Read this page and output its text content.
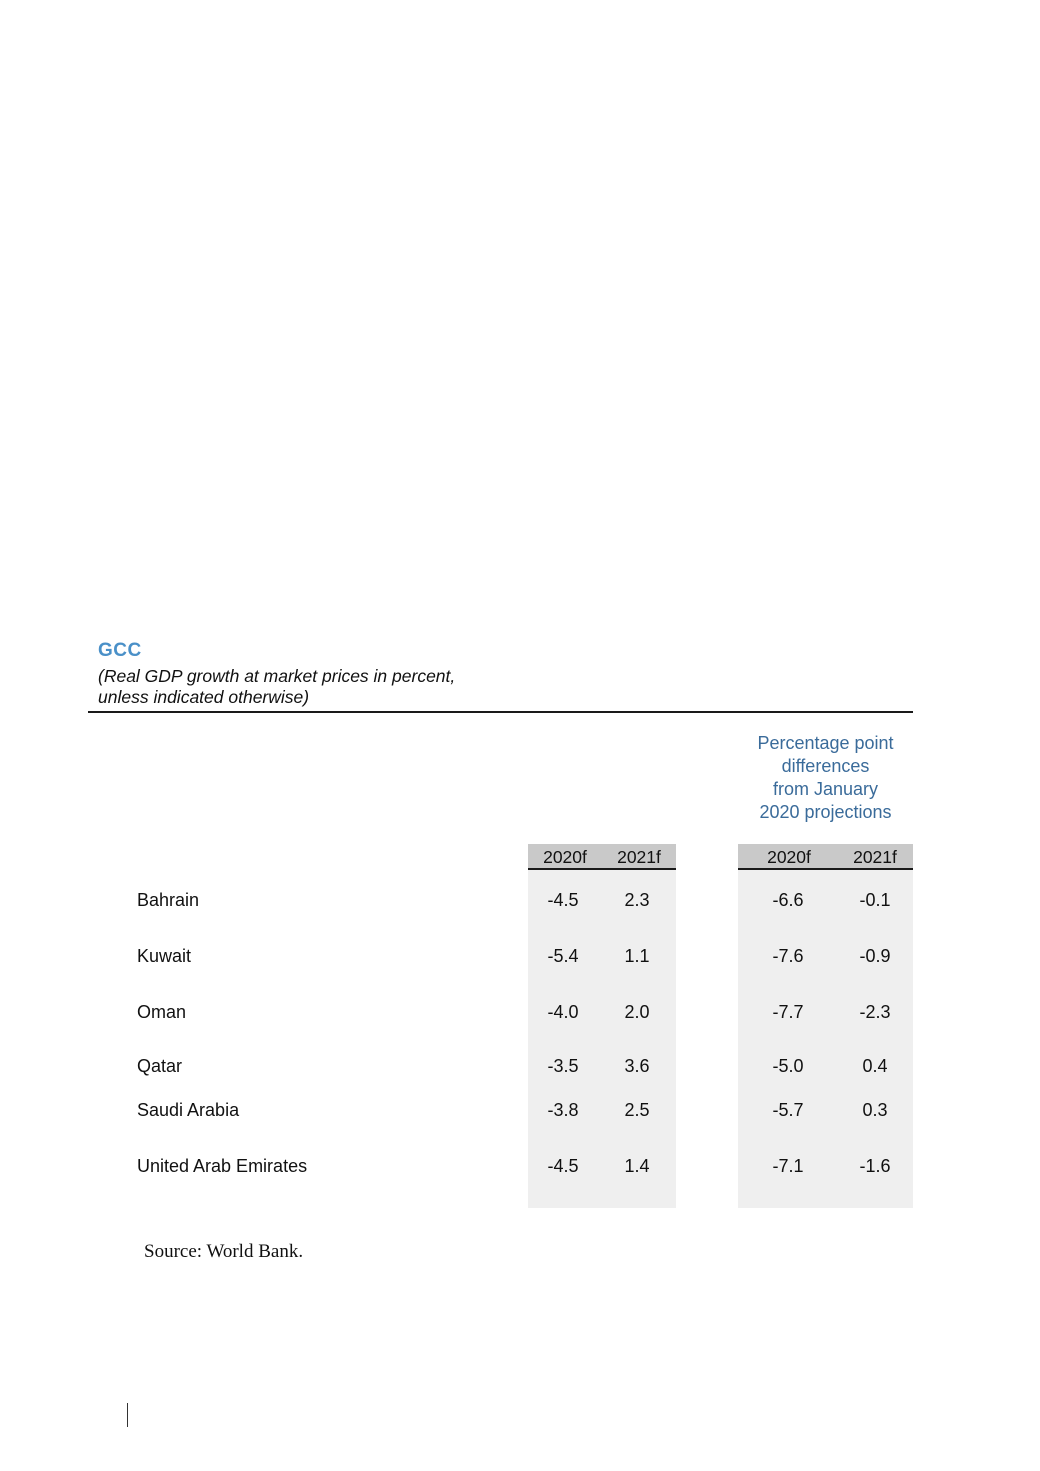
GCC
(Real GDP growth at market prices in percent,
unless indicated otherwise)
Percentage point
differences
from January
2020 projections
2020f	2021f	2020f	2021f
Bahrain	-4.5	2.3	-6.6	-0.1
Kuwait	-5.4	1.1	-7.6	-0.9
Oman	-4.0	2.0	-7.7	-2.3
Qatar	-3.5	3.6	-5.0	0.4
Saudi Arabia	-3.8	2.5	-5.7	0.3
United Arab Emirates	-4.5	1.4	-7.1	-1.6
Source: World Bank.
